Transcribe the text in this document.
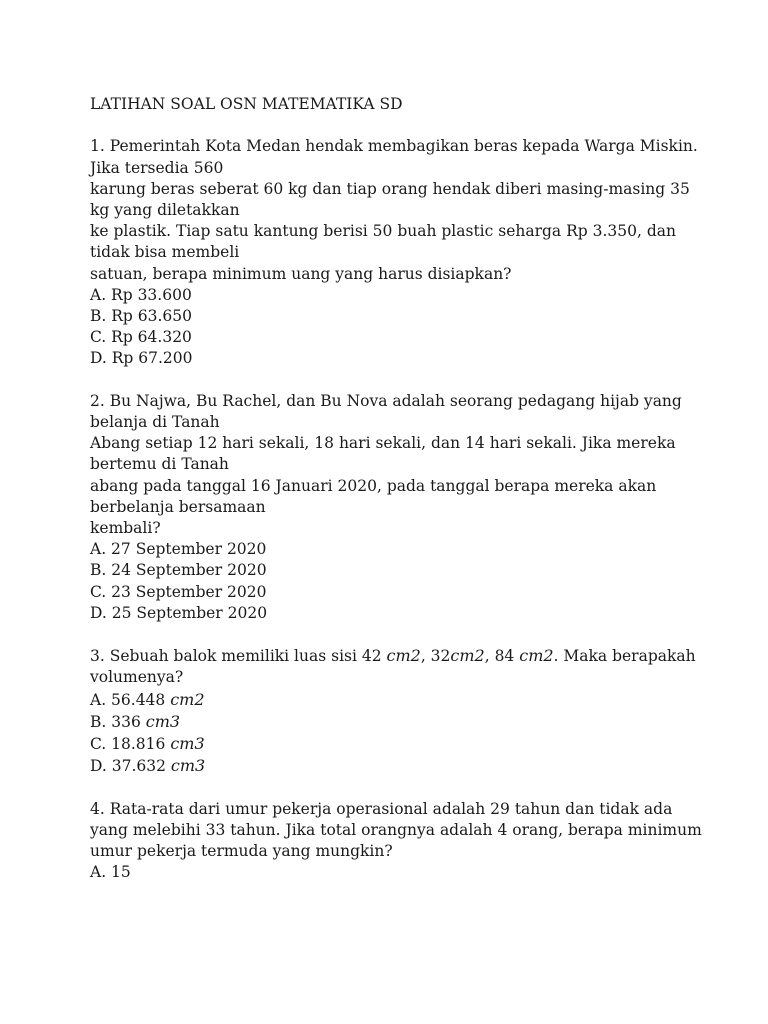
LATIHAN SOAL OSN MATEMATIKA SD
1. Pemerintah Kota Medan hendak membagikan beras kepada Warga Miskin.
Jika tersedia 560
karung beras seberat 60 kg dan tiap orang hendak diberi masing-masing 35
kg yang diletakkan
ke plastik. Tiap satu kantung berisi 50 buah plastic seharga Rp 3.350, dan
tidak bisa membeli
satuan, berapa minimum uang yang harus disiapkan?
A. Rp 33.600
B. Rp 63.650
C. Rp 64.320
D. Rp 67.200
2. Bu Najwa, Bu Rachel, dan Bu Nova adalah seorang pedagang hijab yang
belanja di Tanah
Abang setiap 12 hari sekali, 18 hari sekali, dan 14 hari sekali. Jika mereka
bertemu di Tanah
abang pada tanggal 16 Januari 2020, pada tanggal berapa mereka akan
berbelanja bersamaan
kembali?
A. 27 September 2020
B. 24 September 2020
C. 23 September 2020
D. 25 September 2020
3. Sebuah balok memiliki luas sisi 42 cm2, 32cm2, 84 cm2. Maka berapakah
volumenya?
A. 56.448 cm2
B. 336 cm3
C. 18.816 cm3
D. 37.632 cm3
4. Rata-rata dari umur pekerja operasional adalah 29 tahun dan tidak ada
yang melebihi 33 tahun. Jika total orangnya adalah 4 orang, berapa minimum
umur pekerja termuda yang mungkin?
A. 15
